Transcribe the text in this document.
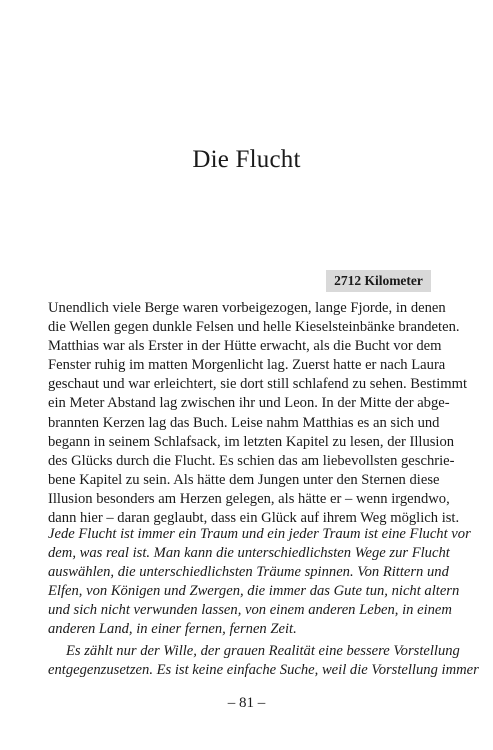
Die Flucht
2712 Kilometer
Unendlich viele Berge waren vorbeigezogen, lange Fjorde, in denen
die Wellen gegen dunkle Felsen und helle Kieselsteinbänke brandeten.
Matthias war als Erster in der Hütte erwacht, als die Bucht vor dem
Fenster ruhig im matten Morgenlicht lag. Zuerst hatte er nach Laura
geschaut und war erleichtert, sie dort still schlafend zu sehen. Bestimmt
ein Meter Abstand lag zwischen ihr und Leon. In der Mitte der abge-
brannten Kerzen lag das Buch. Leise nahm Matthias es an sich und
begann in seinem Schlafsack, im letzten Kapitel zu lesen, der Illusion
des Glücks durch die Flucht. Es schien das am liebevollsten geschrie-
bene Kapitel zu sein. Als hätte dem Jungen unter den Sternen diese
Illusion besonders am Herzen gelegen, als hätte er – wenn irgendwo,
dann hier – daran geglaubt, dass ein Glück auf ihrem Weg möglich ist.
Jede Flucht ist immer ein Traum und ein jeder Traum ist eine Flucht vor
dem, was real ist. Man kann die unterschiedlichsten Wege zur Flucht
auswählen, die unterschiedlichsten Träume spinnen. Von Rittern und
Elfen, von Königen und Zwergen, die immer das Gute tun, nicht altern
und sich nicht verwunden lassen, von einem anderen Leben, in einem
anderen Land, in einer fernen, fernen Zeit.
Es zählt nur der Wille, der grauen Realität eine bessere Vorstellung
entgegenzusetzen. Es ist keine einfache Suche, weil die Vorstellung immer
– 81 –
